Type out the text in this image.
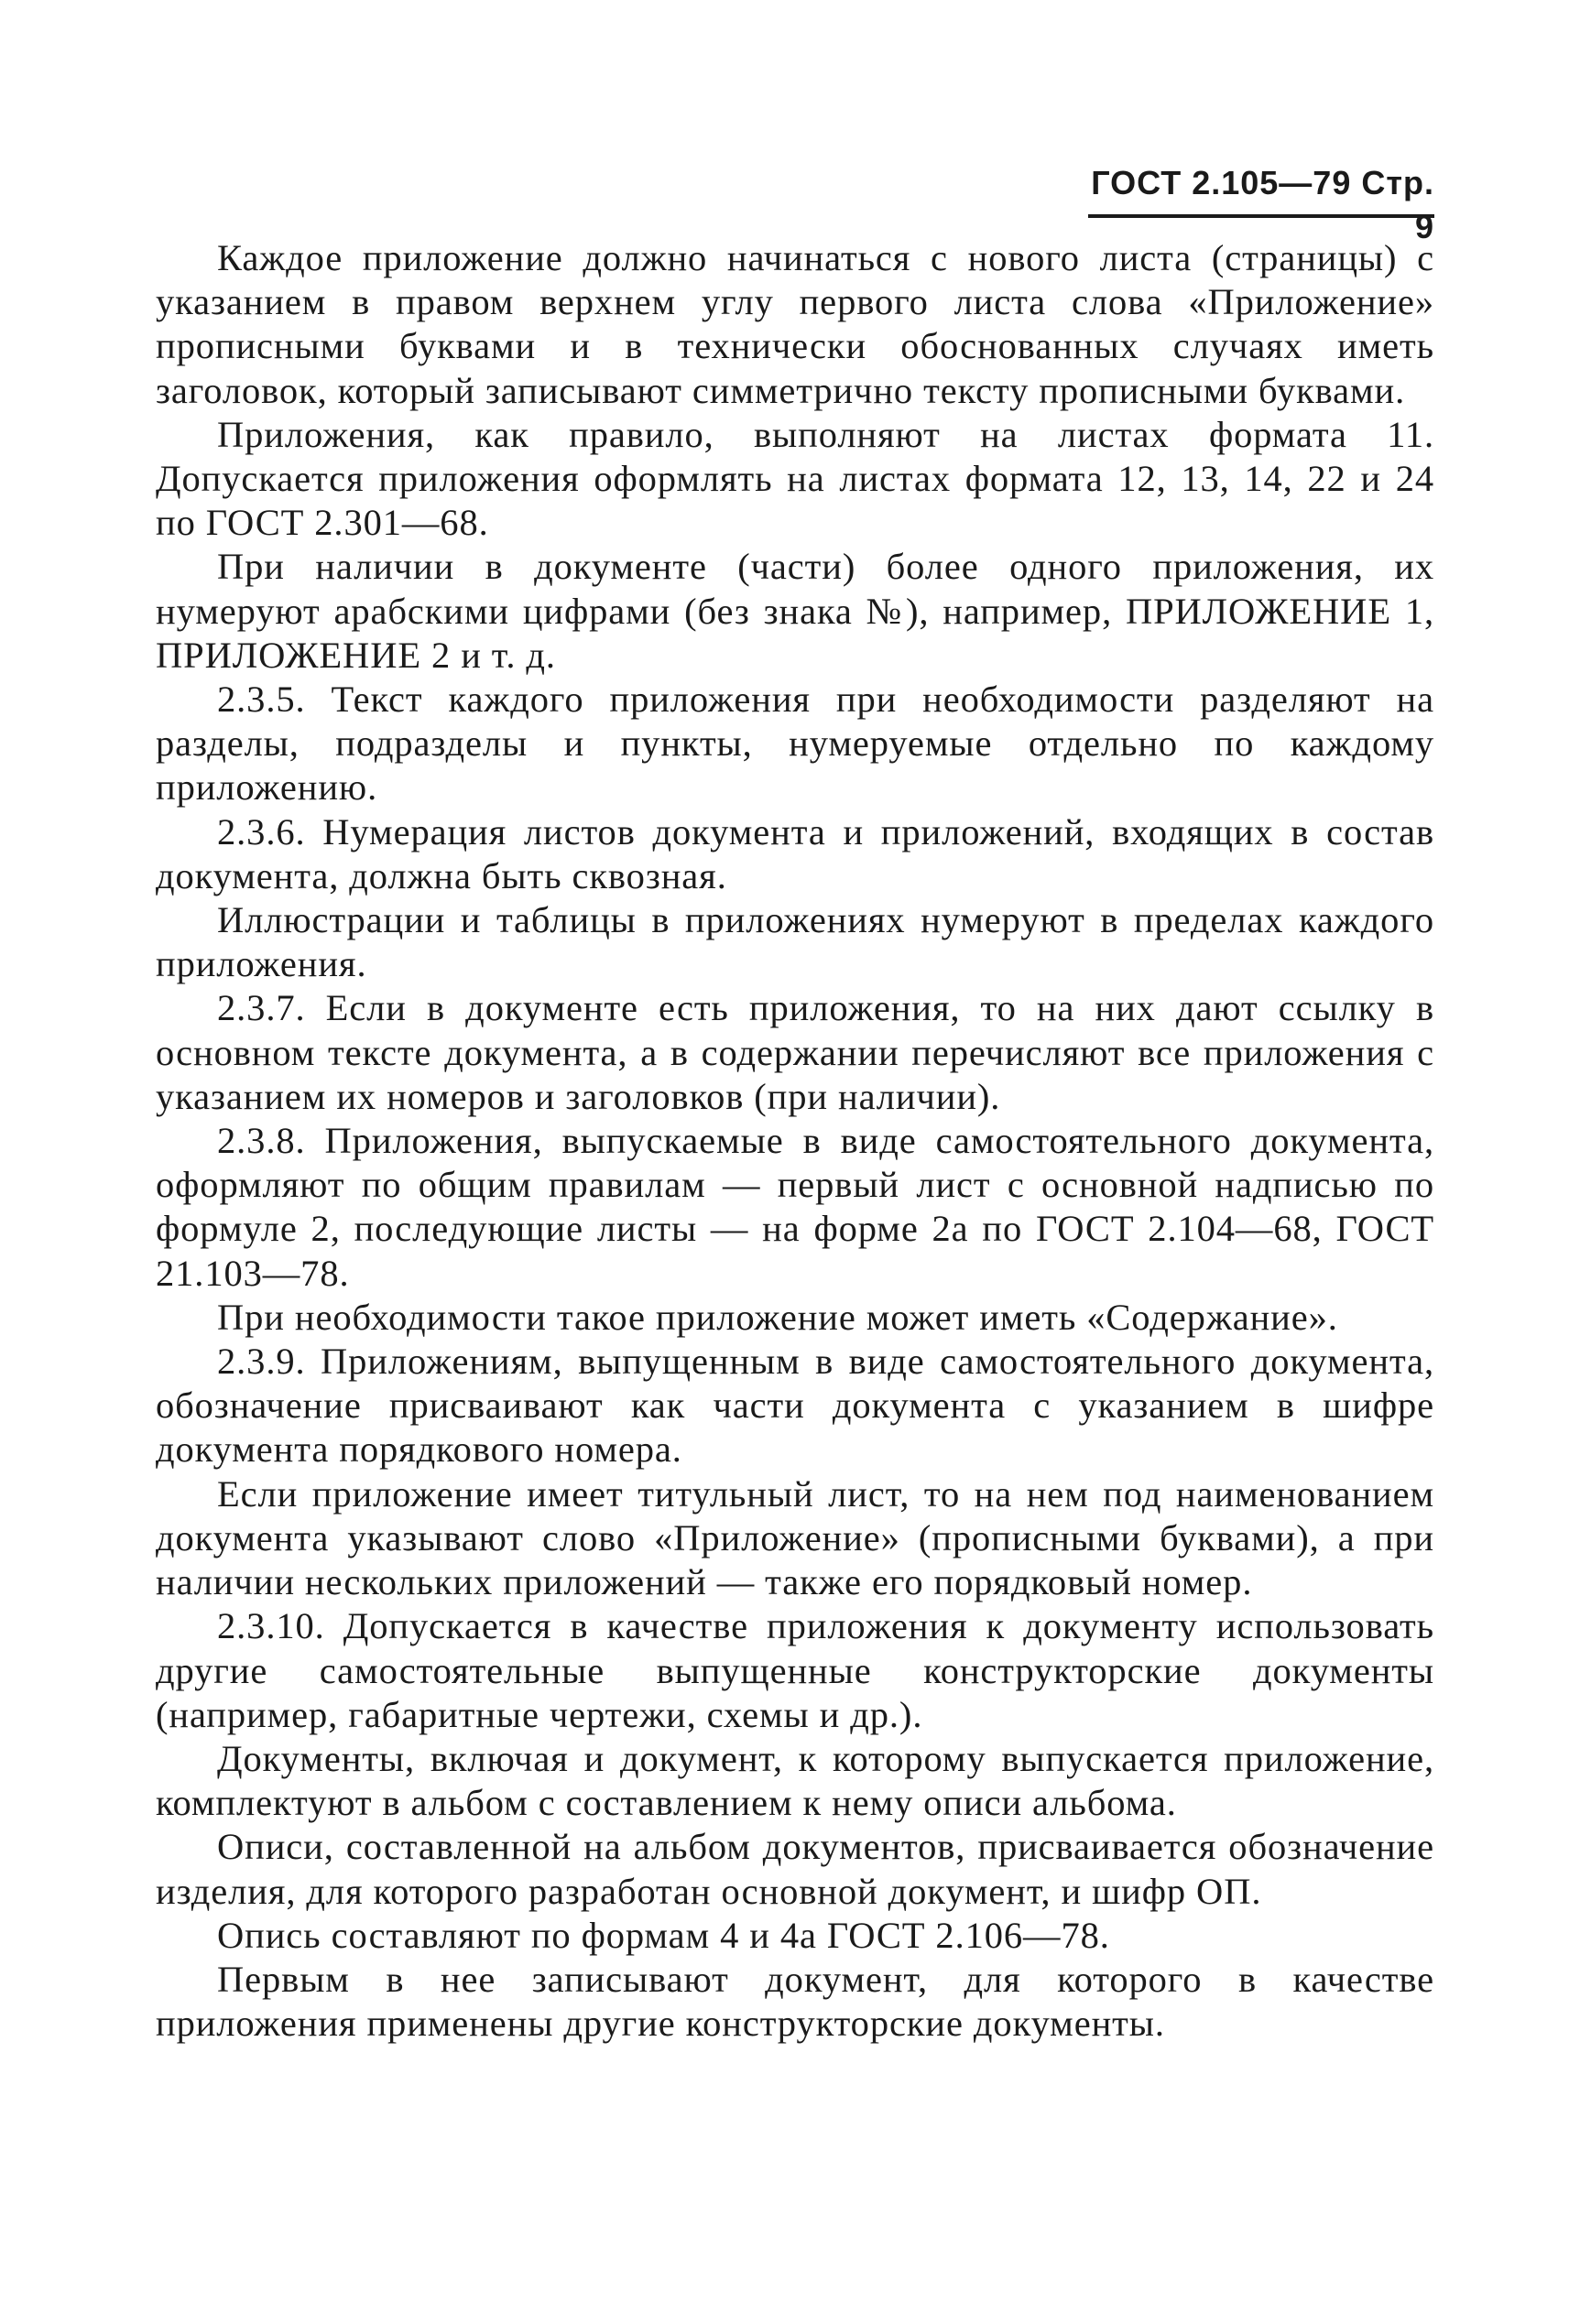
ГОСТ 2.105—79 Стр. 9

Каждое приложение должно начинаться с нового листа (страницы) с указанием в правом верхнем углу первого листа слова «Приложение» прописными буквами и в технически обоснованных случаях иметь заголовок, который записывают симметрично тексту прописными буквами.

Приложения, как правило, выполняют на листах формата 11. Допускается приложения оформлять на листах формата 12, 13, 14, 22 и 24 по ГОСТ 2.301—68.

При наличии в документе (части) более одного приложения, их нумеруют арабскими цифрами (без знака №), например, ПРИЛОЖЕНИЕ 1, ПРИЛОЖЕНИЕ 2 и т. д.

2.3.5. Текст каждого приложения при необходимости разделяют на разделы, подразделы и пункты, нумеруемые отдельно по каждому приложению.

2.3.6. Нумерация листов документа и приложений, входящих в состав документа, должна быть сквозная.

Иллюстрации и таблицы в приложениях нумеруют в пределах каждого приложения.

2.3.7. Если в документе есть приложения, то на них дают ссылку в основном тексте документа, а в содержании перечисляют все приложения с указанием их номеров и заголовков (при наличии).

2.3.8. Приложения, выпускаемые в виде самостоятельного документа, оформляют по общим правилам — первый лист с основной надписью по формуле 2, последующие листы — на форме 2а по ГОСТ 2.104—68, ГОСТ 21.103—78.

При необходимости такое приложение может иметь «Содержание».

2.3.9. Приложениям, выпущенным в виде самостоятельного документа, обозначение присваивают как части документа с указанием в шифре документа порядкового номера.

Если приложение имеет титульный лист, то на нем под наименованием документа указывают слово «Приложение» (прописными буквами), а при наличии нескольких приложений — также его порядковый номер.

2.3.10. Допускается в качестве приложения к документу использовать другие самостоятельные выпущенные конструкторские документы (например, габаритные чертежи, схемы и др.).

Документы, включая и документ, к которому выпускается приложение, комплектуют в альбом с составлением к нему описи альбома.

Описи, составленной на альбом документов, присваивается обозначение изделия, для которого разработан основной документ, и шифр ОП.

Опись составляют по формам 4 и 4а ГОСТ 2.106—78.

Первым в нее записывают документ, для которого в качестве приложения применены другие конструкторские документы.
